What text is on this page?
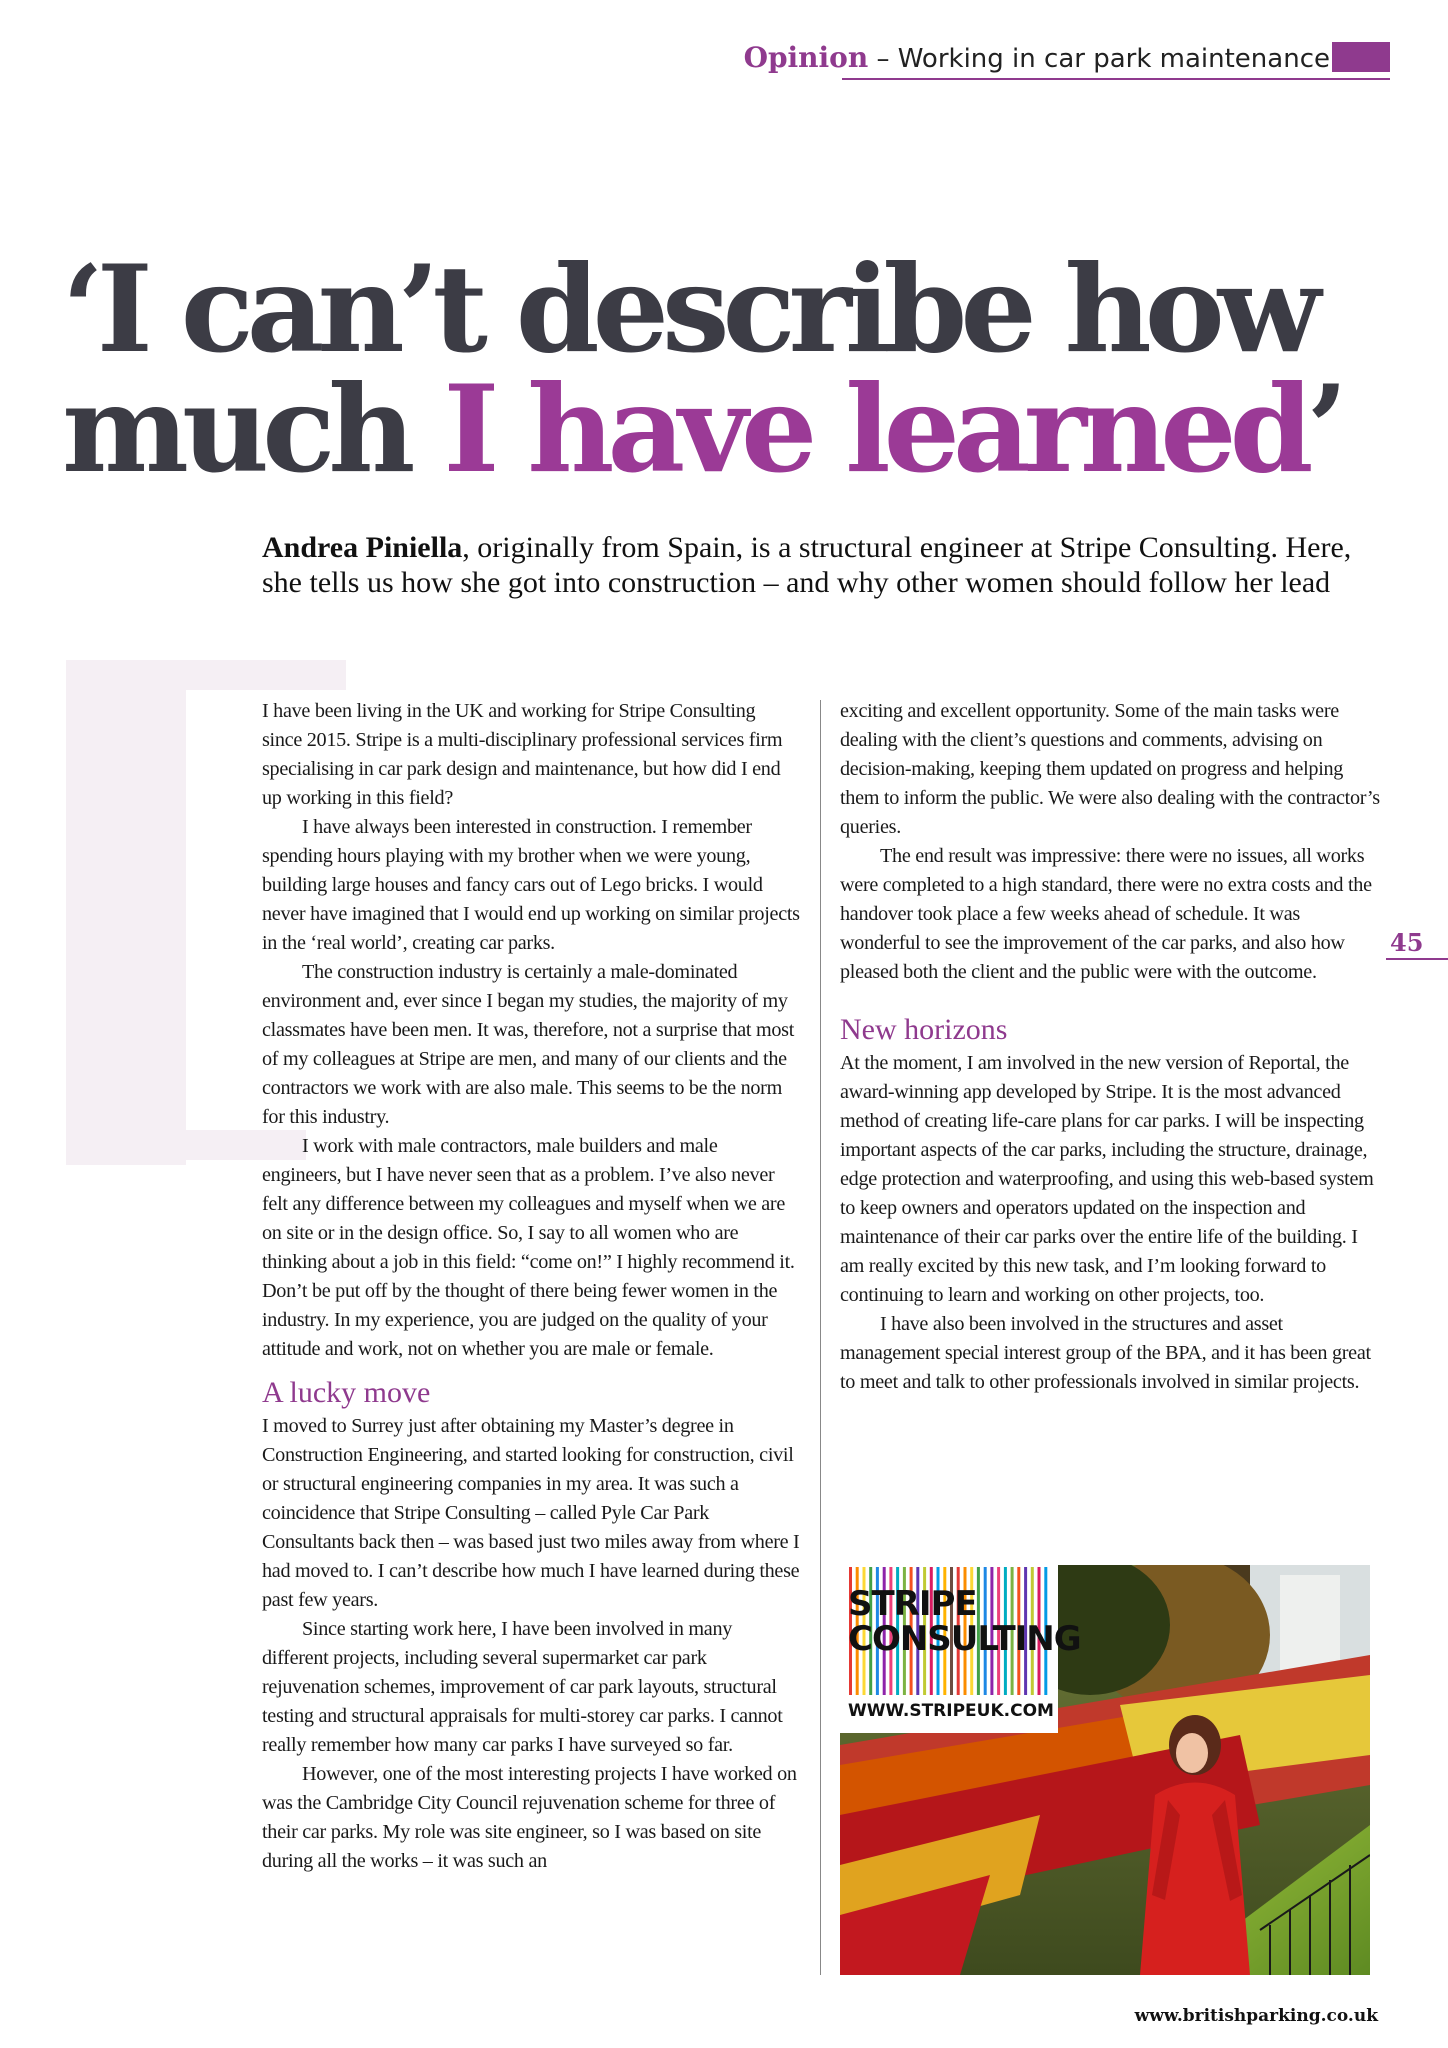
Opinion – Working in car park maintenance
‘I can’t describe how
much I have learned’

Andrea Piniella, originally from Spain, is a structural engineer at Stripe Consulting. Here, she tells us how she got into construction – and why other women should follow her lead

I have been living in the UK and working for Stripe Consulting since 2015. Stripe is a multi-disciplinary professional services firm specialising in car park design and maintenance, but how did I end up working in this field?

I have always been interested in construction. I remember spending hours playing with my brother when we were young, building large houses and fancy cars out of Lego bricks. I would never have imagined that I would end up working on similar projects in the ‘real world’, creating car parks.

The construction industry is certainly a male-dominated environment and, ever since I began my studies, the majority of my classmates have been men. It was, therefore, not a surprise that most of my colleagues at Stripe are men, and many of our clients and the contractors we work with are also male. This seems to be the norm for this industry.

I work with male contractors, male builders and male engineers, but I have never seen that as a problem. I’ve also never felt any difference between my colleagues and myself when we are on site or in the design office. So, I say to all women who are thinking about a job in this field: “come on!” I highly recommend it. Don’t be put off by the thought of there being fewer women in the industry. In my experience, you are judged on the quality of your attitude and work, not on whether you are male or female.

A lucky move

I moved to Surrey just after obtaining my Master’s degree in Construction Engineering, and started looking for construction, civil or structural engineering companies in my area. It was such a coincidence that Stripe Consulting – called Pyle Car Park Consultants back then – was based just two miles away from where I had moved to. I can’t describe how much I have learned during these past few years.

Since starting work here, I have been involved in many different projects, including several supermarket car park rejuvenation schemes, improvement of car park layouts, structural testing and structural appraisals for multi-storey car parks. I cannot really remember how many car parks I have surveyed so far.

However, one of the most interesting projects I have worked on was the Cambridge City Council rejuvenation scheme for three of their car parks. My role was site engineer, so I was based on site during all the works – it was such an

exciting and excellent opportunity. Some of the main tasks were dealing with the client’s questions and comments, advising on decision-making, keeping them updated on progress and helping them to inform the public. We were also dealing with the contractor’s queries.

The end result was impressive: there were no issues, all works were completed to a high standard, there were no extra costs and the handover took place a few weeks ahead of schedule. It was wonderful to see the improvement of the car parks, and also how pleased both the client and the public were with the outcome.

New horizons

At the moment, I am involved in the new version of Reportal, the award-winning app developed by Stripe. It is the most advanced method of creating life-care plans for car parks. I will be inspecting important aspects of the car parks, including the structure, drainage, edge protection and waterproofing, and using this web-based system to keep owners and operators updated on the inspection and maintenance of their car parks over the entire life of the building. I am really excited by this new task, and I’m looking forward to continuing to learn and working on other projects, too.

I have also been involved in the structures and asset management special interest group of the BPA, and it has been great to meet and talk to other professionals involved in similar projects.

45
STRIPE
CONSULTING
WWW.STRIPEUK.COM
www.britishparking.co.uk
